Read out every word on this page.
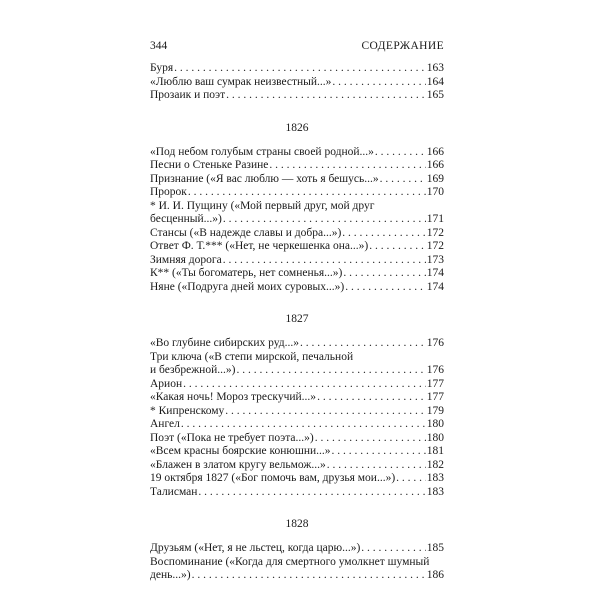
344	СОДЕРЖАНИЕ
Буря . . .	163
«Люблю ваш сумрак неизвестный...» . . .	164
Прозаик и поэт . . .	165
1826
«Под небом голубым страны своей родной...» . . .	166
Песни о Стеньке Разине . . .	166
Признание («Я вас люблю — хоть я бешусь...» . . .	169
Пророк . . .	170
* И. И. Пущину («Мой первый друг, мой друг
бесценный...») . . .	171
Стансы («В надежде славы и добра...») . . .	172
Ответ Ф. Т.*** («Нет, не черкешенка она...») . . .	172
Зимняя дорога . . .	173
К** («Ты богоматерь, нет сомненья...») . . .	174
Няне («Подруга дней моих суровых...») . . .	174
1827
«Во глубине сибирских руд...» . . .	176
Три ключа («В степи мирской, печальной
и безбрежной...») . . .	176
Арион . . .	177
«Какая ночь! Мороз трескучий...» . . .	177
* Кипренскому . . .	179
Ангел . . .	180
Поэт («Пока не требует поэта...») . . .	180
«Всем красны боярские конюшни...» . . .	181
«Блажен в златом кругу вельмож...» . . .	182
19 октября 1827 («Бог помочь вам, друзья мои...») . . .	183
Талисман . . .	183
1828
Друзьям («Нет, я не льстец, когда царю...») . . .	185
Воспоминание («Когда для смертного умолкнет шумный
день...») . . .	186
